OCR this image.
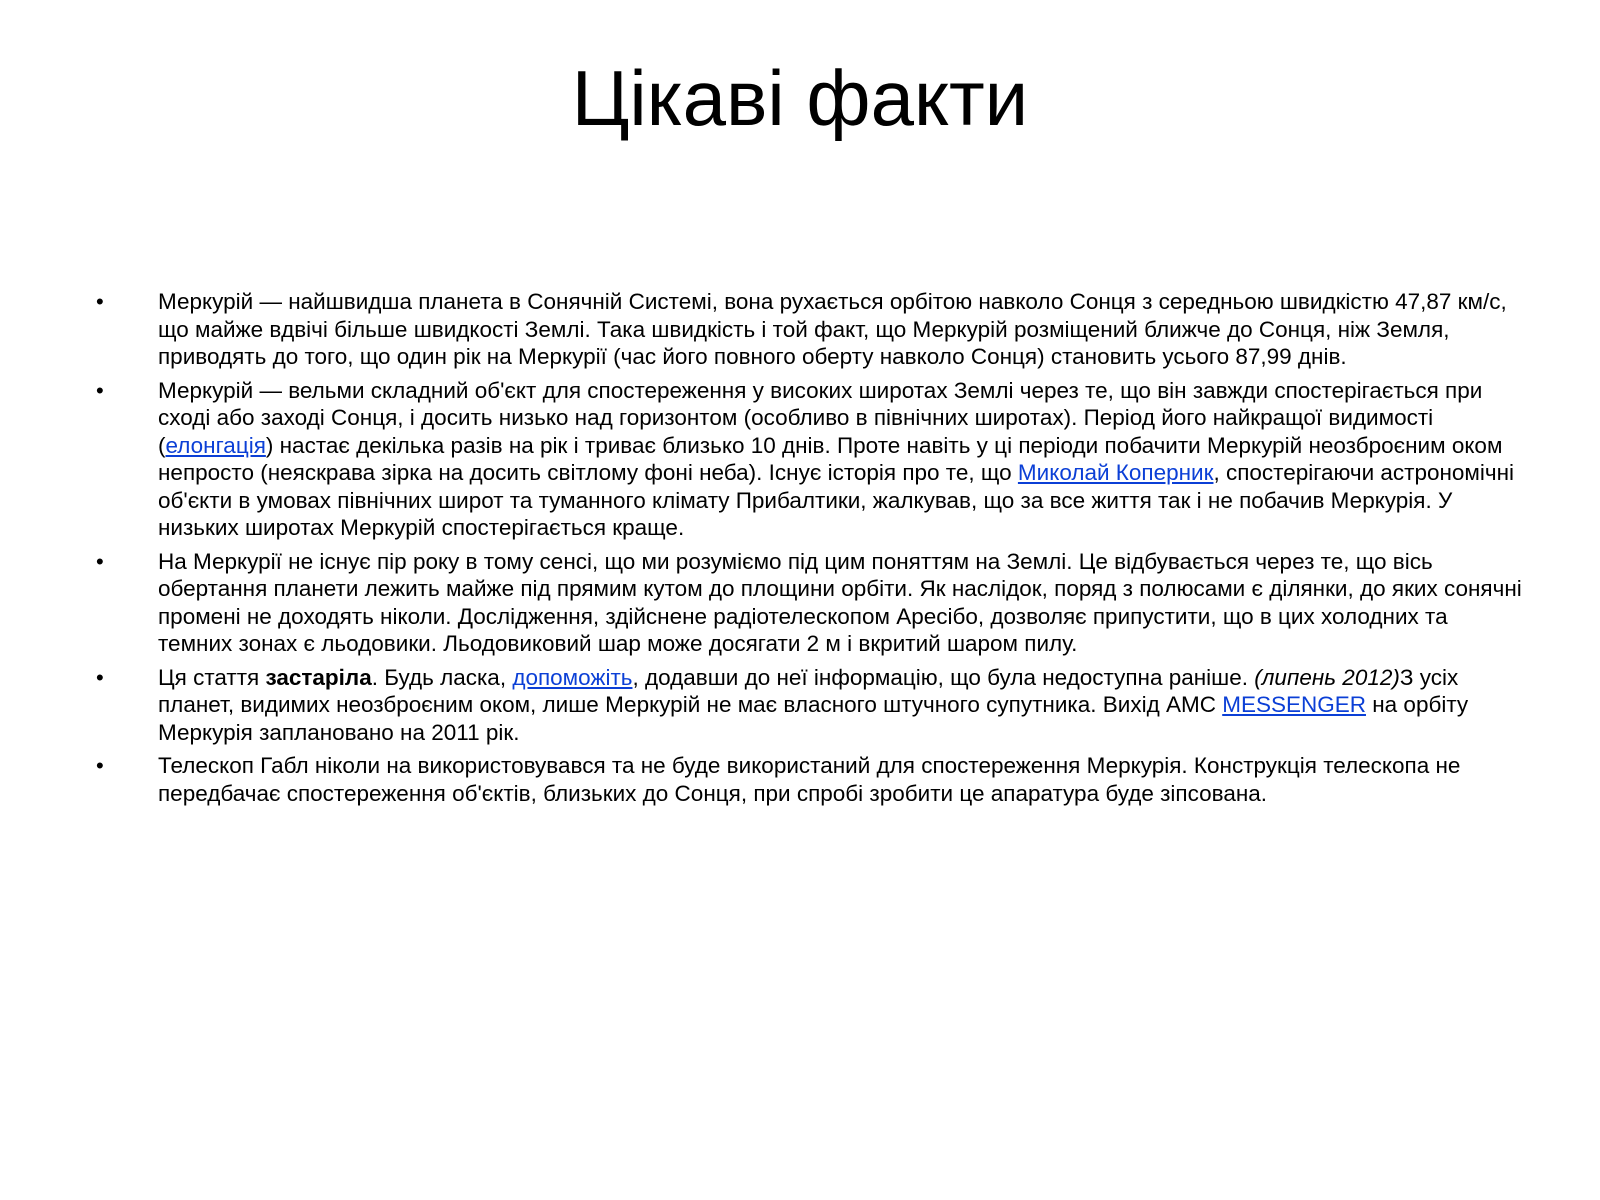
Цікаві факти
•	Меркурій — найшвидша планета в Сонячній Системі, вона рухається орбітою навколо Сонця з середньою швидкістю 47,87 км/с, що майже вдвічі більше швидкості Землі. Така швидкість і той факт, що Меркурій розміщений ближче до Сонця, ніж Земля, приводять до того, що один рік на Меркурії (час його повного оберту навколо Сонця) становить усього 87,99 днів.
•	Меркурій — вельми складний об'єкт для спостереження у високих широтах Землі через те, що він завжди спостерігається при сході або заході Сонця, і досить низько над горизонтом (особливо в північних широтах). Період його найкращої видимості (елонгація) настає декілька разів на рік і триває близько 10 днів. Проте навіть у ці періоди побачити Меркурій неозброєним оком непросто (неяскрава зірка на досить світлому фоні неба). Існує історія про те, що Миколай Коперник, спостерігаючи астрономічні об'єкти в умовах північних широт та туманного клімату Прибалтики, жалкував, що за все життя так і не побачив Меркурія. У низьких широтах Меркурій спостерігається краще.
•	На Меркурії не існує пір року в тому сенсі, що ми розуміємо під цим поняттям на Землі. Це відбувається через те, що вісь обертання планети лежить майже під прямим кутом до площини орбіти. Як наслідок, поряд з полюсами є ділянки, до яких сонячні промені не доходять ніколи. Дослідження, здійснене радіотелескопом Аресібо, дозволяє припустити, що в цих холодних та темних зонах є льодовики. Льодовиковий шар може досягати 2 м і вкритий шаром пилу.
•	Ця стаття застаріла. Будь ласка, допоможіть, додавши до неї інформацію, що була недоступна раніше. (липень 2012)З усіх планет, видимих неозброєним оком, лише Меркурій не має власного штучного супутника. Вихід АМС MESSENGER на орбіту Меркурія заплановано на 2011 рік.
•	Телескоп Габл ніколи на використовувався та не буде використаний для спостереження Меркурія. Конструкція телескопа не передбачає спостереження об'єктів, близьких до Сонця, при спробі зробити це апаратура буде зіпсована.
